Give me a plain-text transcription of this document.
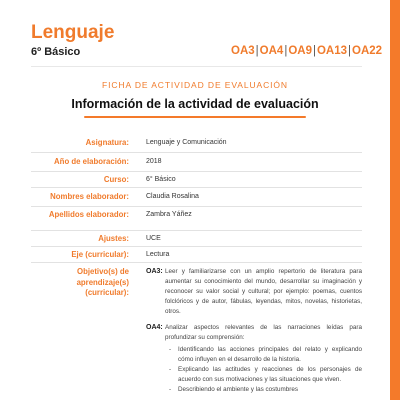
Lenguaje
6º Básico	OA3|OA4|OA9|OA13|OA22
FICHA DE ACTIVIDAD DE EVALUACIÓN
Información de la actividad de evaluación
Asignatura:	Lenguaje y Comunicación
Año de elaboración:	2018
Curso:	6° Básico
Nombres elaborador:	Claudia Rosalina
Apellidos elaborador:	Zambra Yáñez
Ajustes:	UCE
Eje (curricular):	Lectura
Objetivo(s) de aprendizaje(s) (curricular):
OA3: Leer y familiarizarse con un amplio repertorio de literatura para aumentar su conocimiento del mundo, desarrollar su imaginación y reconocer su valor social y cultural; por ejemplo: poemas, cuentos folclóricos y de autor, fábulas, leyendas, mitos, novelas, historietas, otros.
OA4: Analizar aspectos relevantes de las narraciones leídas para profundizar su comprensión:
-	Identificando las acciones principales del relato y explicando cómo influyen en el desarrollo de la historia.
-	Explicando las actitudes y reacciones de los personajes de acuerdo con sus motivaciones y las situaciones que viven.
-	Describiendo el ambiente y las costumbres
